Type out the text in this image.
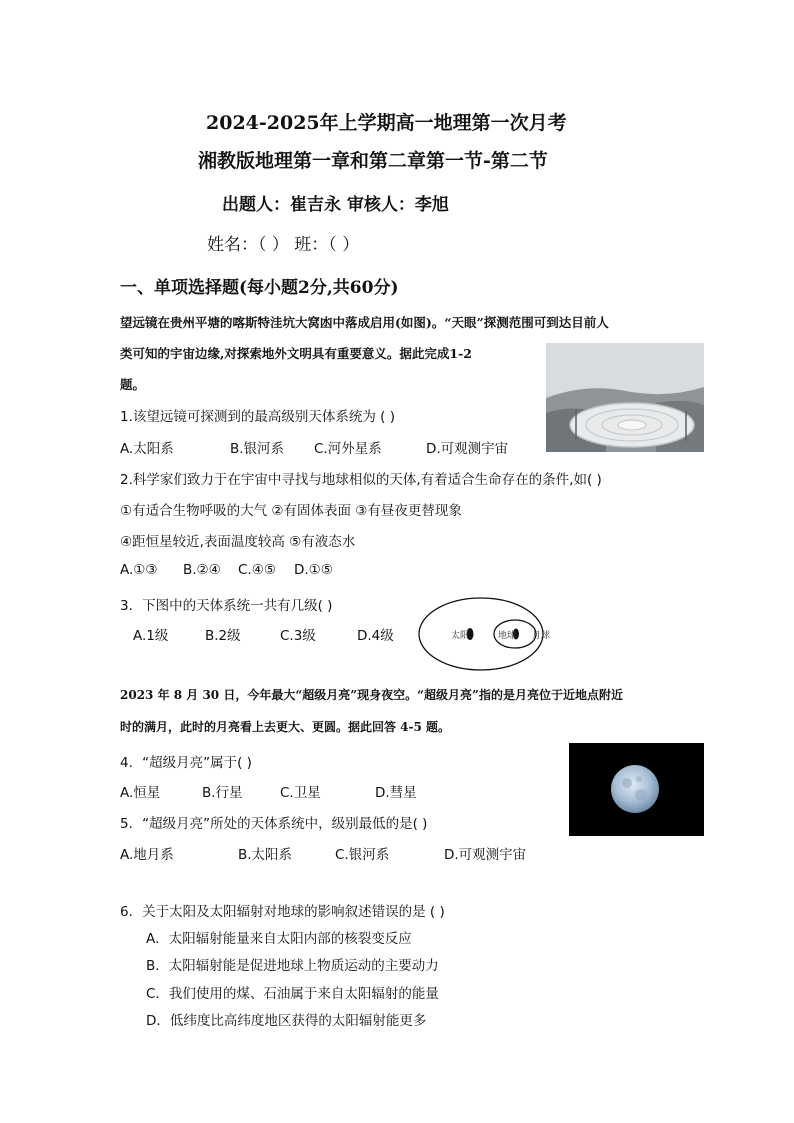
2024-2025年上学期高一地理第一次月考
湘教版地理第一章和第二章第一节-第二节
出题人：崔吉永 审核人：李旭
姓名：（ ） 班：（ ）
一、单项选择题(每小题2分,共60分)
望远镜在贵州平塘的喀斯特洼坑大窝凼中落成启用(如图)。“天眼”探测范围可到达目前人
类可知的宇宙边缘,对探索地外文明具有重要意义。据此完成1-2
题。
1.该望远镜可探测到的最高级别天体系统为 ( )
A.太阳系	B.银河系 C.河外星系	D.可观测宇宙
2.科学家们致力于在宇宙中寻找与地球相似的天体,有着适合生命存在的条件,如( )
①有适合生物呼吸的大气 ②有固体表面 ③有昼夜更替现象
④距恒星较近,表面温度较高 ⑤有液态水
A.①③ B.②④ C.④⑤ D.①⑤
3．下图中的天体系统一共有几级( )
A.1级	B.2级	C.3级	D.4级	太阳	地球 月球
2023 年 8 月 30 日，今年最大“超级月亮”现身夜空。“超级月亮”指的是月亮位于近地点附近
时的满月，此时的月亮看上去更大、更圆。据此回答 4-5 题。
4．“超级月亮”属于( )
A.恒星	B.行星	C.卫星	D.彗星
5．“超级月亮”所处的天体系统中，级别最低的是( )
A.地月系	B.太阳系	C.银河系	D.可观测宇宙
6．关于太阳及太阳辐射对地球的影响叙述错误的是 ( )
A．太阳辐射能量来自太阳内部的核裂变反应
B．太阳辐射能是促进地球上物质运动的主要动力
C．我们使用的煤、石油属于来自太阳辐射的能量
D．低纬度比高纬度地区获得的太阳辐射能更多
